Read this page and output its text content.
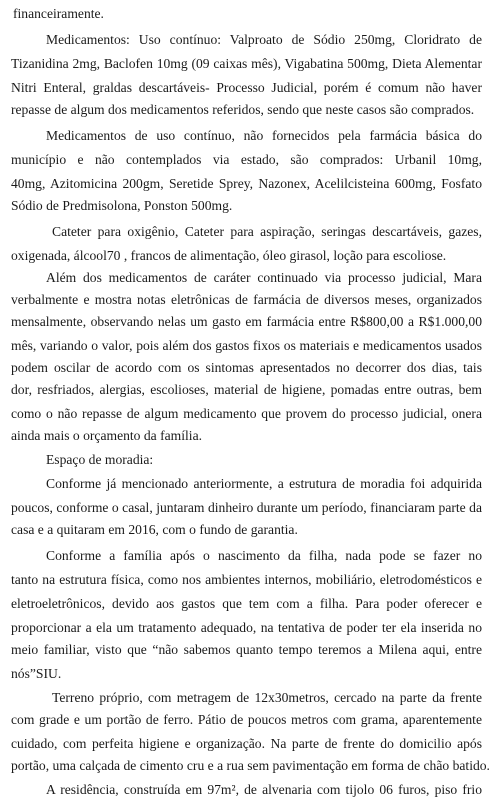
financeiramente.
Medicamentos: Uso contínuo: Valproato de Sódio 250mg, Cloridrato de
Tizanidina 2mg, Baclofen 10mg (09 caixas mês), Vigabatina 500mg, Dieta Alementar
Nitri Enteral, graldas descartáveis- Processo Judicial, porém é comum não haver
repasse de algum dos medicamentos referidos, sendo que neste casos são comprados.
Medicamentos de uso contínuo, não fornecidos pela farmácia básica do
município e não contemplados via estado, são comprados: Urbanil 10mg,
40mg, Azitomicina 200gm, Seretide Sprey, Nazonex, Acelilcisteina 600mg, Fosfato
Sódio de Predmisolona, Ponston 500mg.
Cateter para oxigênio, Cateter para aspiração, seringas descartáveis, gazes,
oxigenada, álcool70 , francos de alimentação, óleo girasol, loção para escoliose.
Além dos medicamentos de caráter continuado via processo judicial, Mara
verbalmente e mostra notas eletrônicas de farmácia de diversos meses, organizados
mensalmente, observando nelas um gasto em farmácia entre R$800,00 a R$1.000,00
mês, variando o valor, pois além dos gastos fixos os materiais e medicamentos usados
podem oscilar de acordo com os sintomas apresentados no decorrer dos dias, tais
dor, resfriados, alergias, escolioses, material de higiene, pomadas entre outras, bem
como o não repasse de algum medicamento que provem do processo judicial, onera
ainda mais o orçamento da família.
Espaço de moradia:
Conforme já mencionado anteriormente, a estrutura de moradia foi adquirida
poucos, conforme o casal, juntaram dinheiro durante um período, financiaram parte da
casa e a quitaram em 2016, com o fundo de garantia.
Conforme a família após o nascimento da filha, nada pode se fazer no
tanto na estrutura física, como nos ambientes internos, mobiliário, eletrodomésticos e
eletroeletrônicos, devido aos gastos que tem com a filha. Para poder oferecer e
proporcionar a ela um tratamento adequado, na tentativa de poder ter ela inserida no
meio familiar, visto que “não sabemos quanto tempo teremos a Milena aqui, entre
nós”SIU.
Terreno próprio, com metragem de 12x30metros, cercado na parte da frente
com grade e um portão de ferro. Pátio de poucos metros com grama, aparentemente
cuidado, com perfeita higiene e organização. Na parte de frente do domicilio após
portão, uma calçada de cimento cru e a rua sem pavimentação em forma de chão batido.
A residência, construída em 97m², de alvenaria com tijolo 06 furos, piso frio
